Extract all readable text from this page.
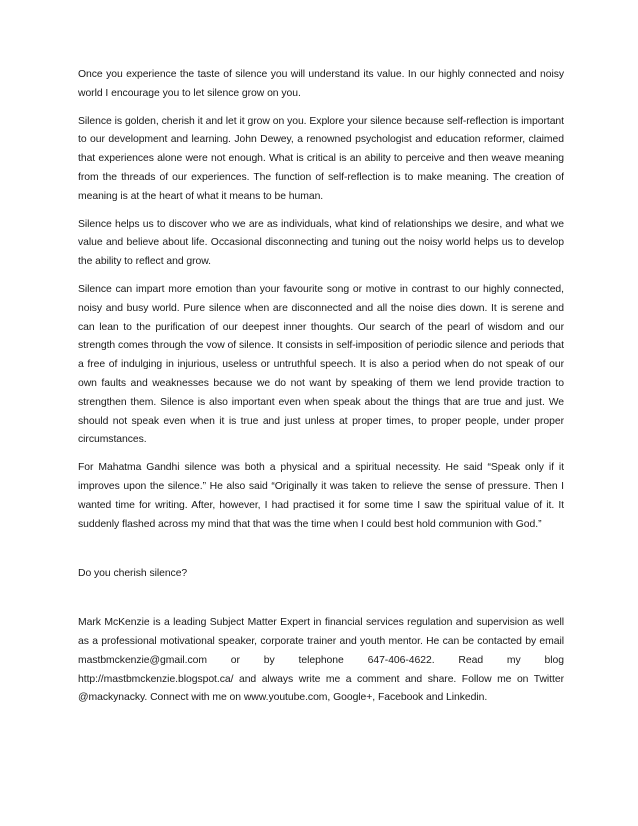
Once you experience the taste of silence you will understand its value. In our highly connected and noisy world I encourage you to let silence grow on you.

Silence is golden, cherish it and let it grow on you. Explore your silence because self-reflection is important to our development and learning. John Dewey, a renowned psychologist and education reformer, claimed that experiences alone were not enough. What is critical is an ability to perceive and then weave meaning from the threads of our experiences. The function of self-reflection is to make meaning. The creation of meaning is at the heart of what it means to be human.

Silence helps us to discover who we are as individuals, what kind of relationships we desire, and what we value and believe about life. Occasional disconnecting and tuning out the noisy world helps us to develop the ability to reflect and grow.

Silence can impart more emotion than your favourite song or motive in contrast to our highly connected, noisy and busy world. Pure silence when are disconnected and all the noise dies down. It is serene and can lean to the purification of our deepest inner thoughts. Our search of the pearl of wisdom and our strength comes through the vow of silence. It consists in self-imposition of periodic silence and periods that a free of indulging in injurious, useless or untruthful speech. It is also a period when do not speak of our own faults and weaknesses because we do not want by speaking of them we lend provide traction to strengthen them. Silence is also important even when speak about the things that are true and just. We should not speak even when it is true and just unless at proper times, to proper people, under proper circumstances.

For Mahatma Gandhi silence was both a physical and a spiritual necessity. He said “Speak only if it improves upon the silence.” He also said “Originally it was taken to relieve the sense of pressure. Then I wanted time for writing. After, however, I had practised it for some time I saw the spiritual value of it. It suddenly flashed across my mind that that was the time when I could best hold communion with God.”

Do you cherish silence?

Mark McKenzie is a leading Subject Matter Expert in financial services regulation and supervision as well as a professional motivational speaker, corporate trainer and youth mentor. He can be contacted by email mastbmckenzie@gmail.com or by telephone 647-406-4622. Read my blog http://mastbmckenzie.blogspot.ca/ and always write me a comment and share. Follow me on Twitter @mackynacky. Connect with me on www.youtube.com, Google+, Facebook and Linkedin.
